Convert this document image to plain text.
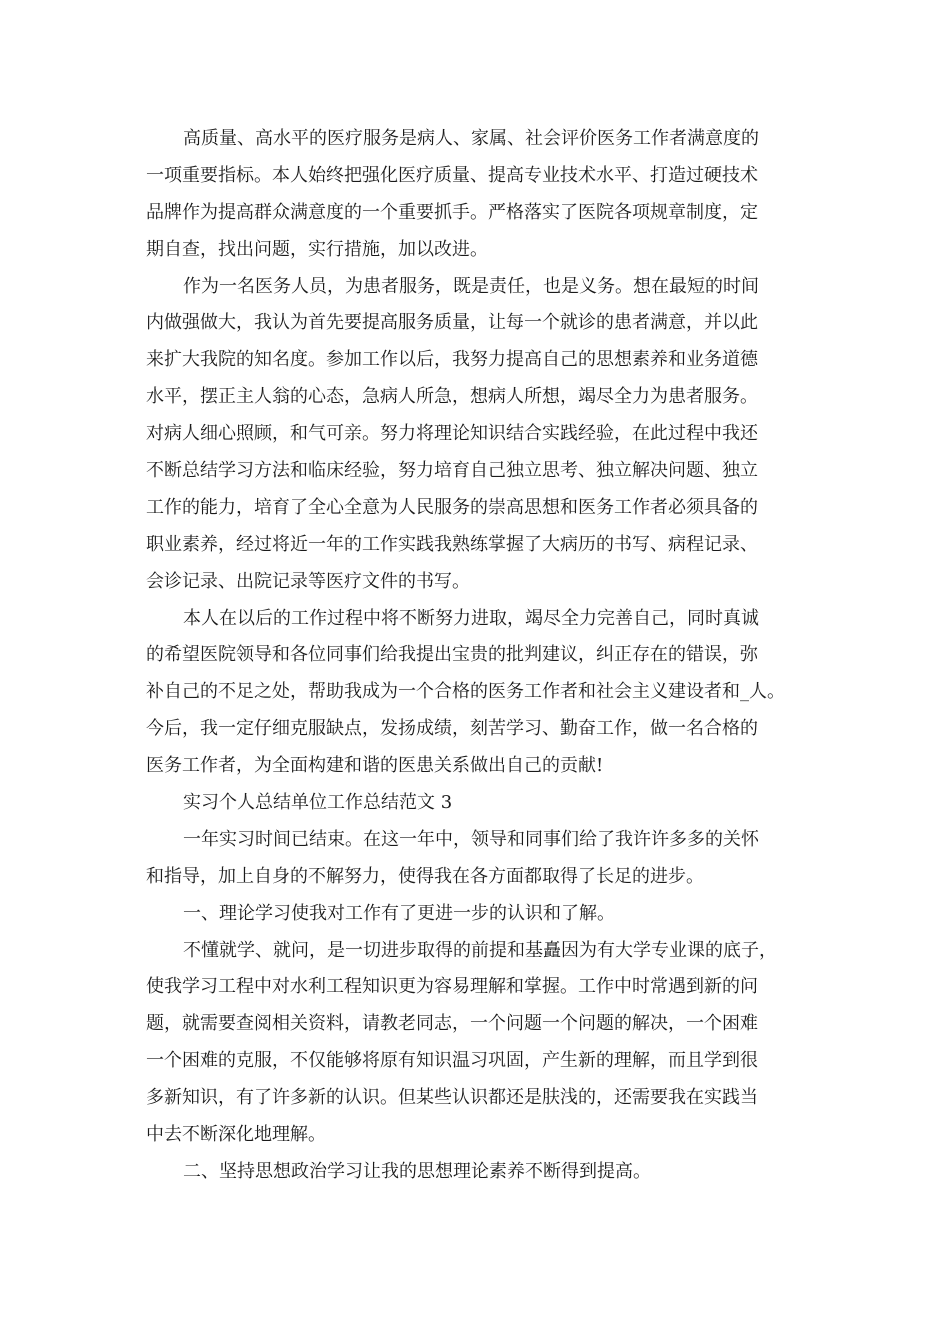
高质量、高水平的医疗服务是病人、家属、社会评价医务工作者满意度的
一项重要指标。本人始终把强化医疗质量、提高专业技术水平、打造过硬技术
品牌作为提高群众满意度的一个重要抓手。严格落实了医院各项规章制度，定
期自查，找出问题，实行措施，加以改进。
作为一名医务人员，为患者服务，既是责任，也是义务。想在最短的时间
内做强做大，我认为首先要提高服务质量，让每一个就诊的患者满意，并以此
来扩大我院的知名度。参加工作以后，我努力提高自己的思想素养和业务道德
水平，摆正主人翁的心态，急病人所急，想病人所想，竭尽全力为患者服务。
对病人细心照顾，和气可亲。努力将理论知识结合实践经验，在此过程中我还
不断总结学习方法和临床经验，努力培育自己独立思考、独立解决问题、独立
工作的能力，培育了全心全意为人民服务的崇高思想和医务工作者必须具备的
职业素养，经过将近一年的工作实践我熟练掌握了大病历的书写、病程记录、
会诊记录、出院记录等医疗文件的书写。
本人在以后的工作过程中将不断努力进取，竭尽全力完善自己，同时真诚
的希望医院领导和各位同事们给我提出宝贵的批判建议，纠正存在的错误，弥
补自己的不足之处，帮助我成为一个合格的医务工作者和社会主义建设者和_人。
今后，我一定仔细克服缺点，发扬成绩，刻苦学习、勤奋工作，做一名合格的
医务工作者，为全面构建和谐的医患关系做出自己的贡献!
实习个人总结单位工作总结范文 3
一年实习时间已结束。在这一年中，领导和同事们给了我许许多多的关怀
和指导，加上自身的不解努力，使得我在各方面都取得了长足的进步。
一、理论学习使我对工作有了更进一步的认识和了解。
不懂就学、就问，是一切进步取得的前提和基矗因为有大学专业课的底子，
使我学习工程中对水利工程知识更为容易理解和掌握。工作中时常遇到新的问
题，就需要查阅相关资料，请教老同志，一个问题一个问题的解决，一个困难
一个困难的克服，不仅能够将原有知识温习巩固，产生新的理解，而且学到很
多新知识，有了许多新的认识。但某些认识都还是肤浅的，还需要我在实践当
中去不断深化地理解。
二、坚持思想政治学习让我的思想理论素养不断得到提高。
